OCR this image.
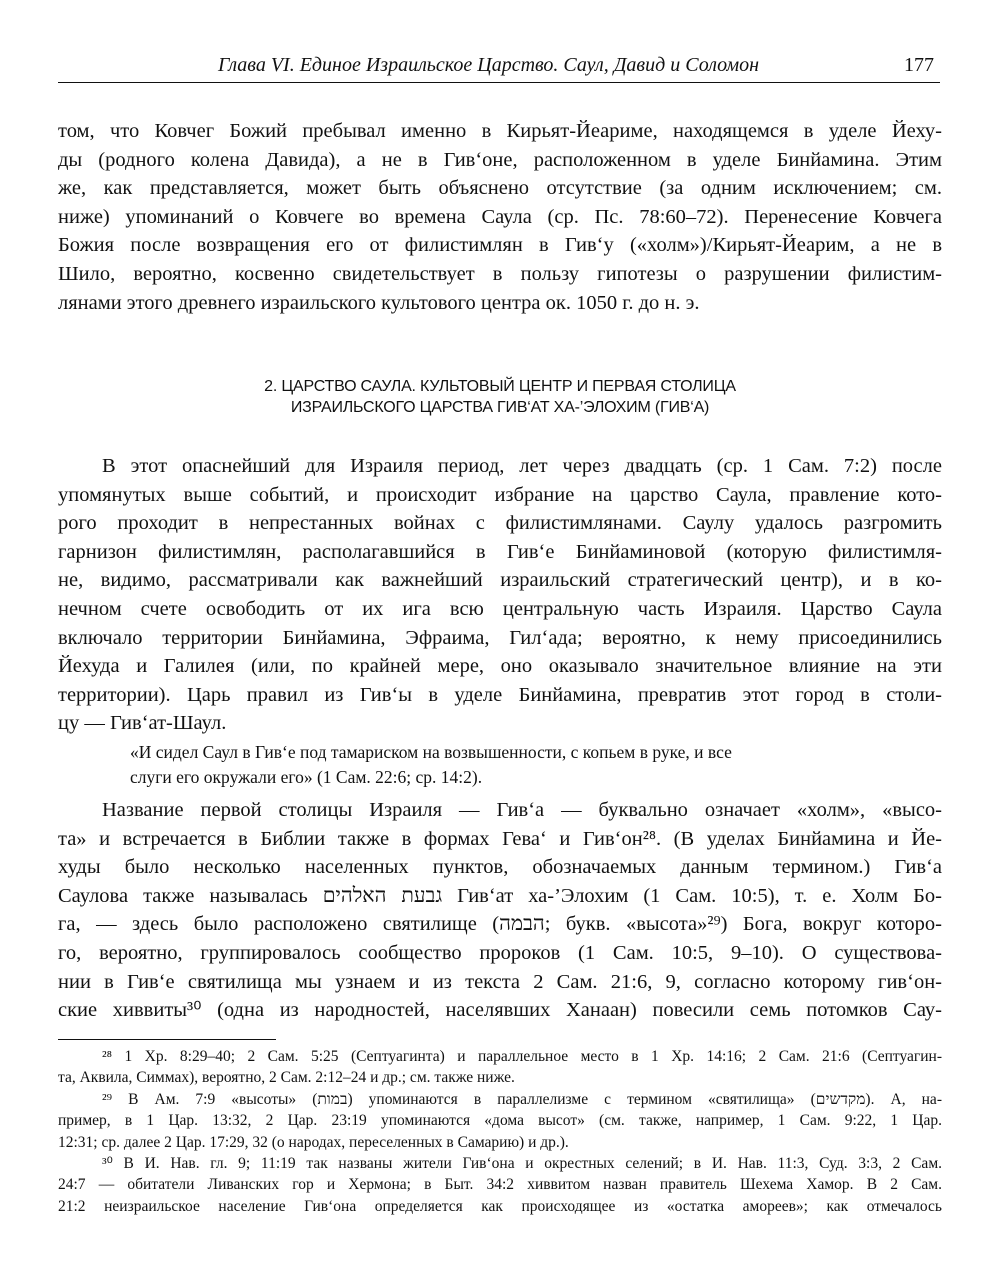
Глава VI. Единое Израильское Царство. Саул, Давид и Соломон	177
том, что Ковчег Божий пребывал именно в Кирьят-Йеариме, находящемся в уделе Йеху-
ды (родного колена Давида), а не в Гив‘оне, расположенном в уделе Бинйамина. Этим
же, как представляется, может быть объяснено отсутствие (за одним исключением; см.
ниже) упоминаний о Ковчеге во времена Саула (ср. Пс. 78:60–72). Перенесение Ковчега
Божия после возвращения его от филистимлян в Гив‘у («холм»)/Кирьят-Йеарим, а не в
Шило, вероятно, косвенно свидетельствует в пользу гипотезы о разрушении филистим-
лянами этого древнего израильского культового центра ок. 1050 г. до н. э.
2. ЦАРСТВО САУЛА. КУЛЬТОВЫЙ ЦЕНТР И ПЕРВАЯ СТОЛИЦА
ИЗРАИЛЬСКОГО ЦАРСТВА ГИВ‘АТ ХА-’ЭЛОХИМ (ГИВ‘А)
В этот опаснейший для Израиля период, лет через двадцать (ср. 1 Сам. 7:2) после
упомянутых выше событий, и происходит избрание на царство Саула, правление кото-
рого проходит в непрестанных войнах с филистимлянами. Саулу удалось разгромить
гарнизон филистимлян, располагавшийся в Гив‘е Бинйаминовой (которую филистимля-
не, видимо, рассматривали как важнейший израильский стратегический центр), и в ко-
нечном счете освободить от их ига всю центральную часть Израиля. Царство Саула
включало территории Бинйамина, Эфраима, Гил‘ада; вероятно, к нему присоединились
Йехуда и Галилея (или, по крайней мере, оно оказывало значительное влияние на эти
территории). Царь правил из Гив‘ы в уделе Бинйамина, превратив этот город в столи-
цу — Гив‘ат-Шаул.
«И сидел Саул в Гив‘е под тамариском на возвышенности, с копьем в руке, и все
слуги его окружали его» (1 Сам. 22:6; ср. 14:2).
Название первой столицы Израиля — Гив‘а — буквально означает «холм», «высо-
та» и встречается в Библии также в формах Гева‘ и Гив‘он²⁸. (В уделах Бинйамина и Йе-
худы было несколько населенных пунктов, обозначаемых данным термином.) Гив‘а
Саулова также называлась גבעת האלהים Гив‘ат ха-’Элохим (1 Сам. 10:5), т. е. Холм Бо-
га, — здесь было расположено святилище (הבמה; букв. «высота»²⁹) Бога, вокруг которо-
го, вероятно, группировалось сообщество пророков (1 Сам. 10:5, 9–10). О существова-
нии в Гив‘е святилища мы узнаем и из текста 2 Сам. 21:6, 9, согласно которому гив‘он-
ские хиввиты³⁰ (одна из народностей, населявших Ханаан) повесили семь потомков Сау-
²⁸ 1 Хр. 8:29–40; 2 Сам. 5:25 (Септуагинта) и параллельное место в 1 Хр. 14:16; 2 Сам. 21:6 (Септуагин-
та, Аквила, Симмах), вероятно, 2 Сам. 2:12–24 и др.; см. также ниже.
²⁹ В Ам. 7:9 «высоты» (במות) упоминаются в параллелизме с термином «святилища» (מקדשים). А, на-
пример, в 1 Цар. 13:32, 2 Цар. 23:19 упоминаются «дома высот» (см. также, например, 1 Сам. 9:22, 1 Цар.
12:31; ср. далее 2 Цар. 17:29, 32 (о народах, переселенных в Самарию) и др.).
³⁰ В И. Нав. гл. 9; 11:19 так названы жители Гив‘она и окрестных селений; в И. Нав. 11:3, Суд. 3:3, 2 Сам.
24:7 — обитатели Ливанских гор и Хермона; в Быт. 34:2 хиввитом назван правитель Шехема Хамор. В 2 Сам.
21:2 неизраильское население Гив‘она определяется как происходящее из «остатка амореев»; как отмечалось
